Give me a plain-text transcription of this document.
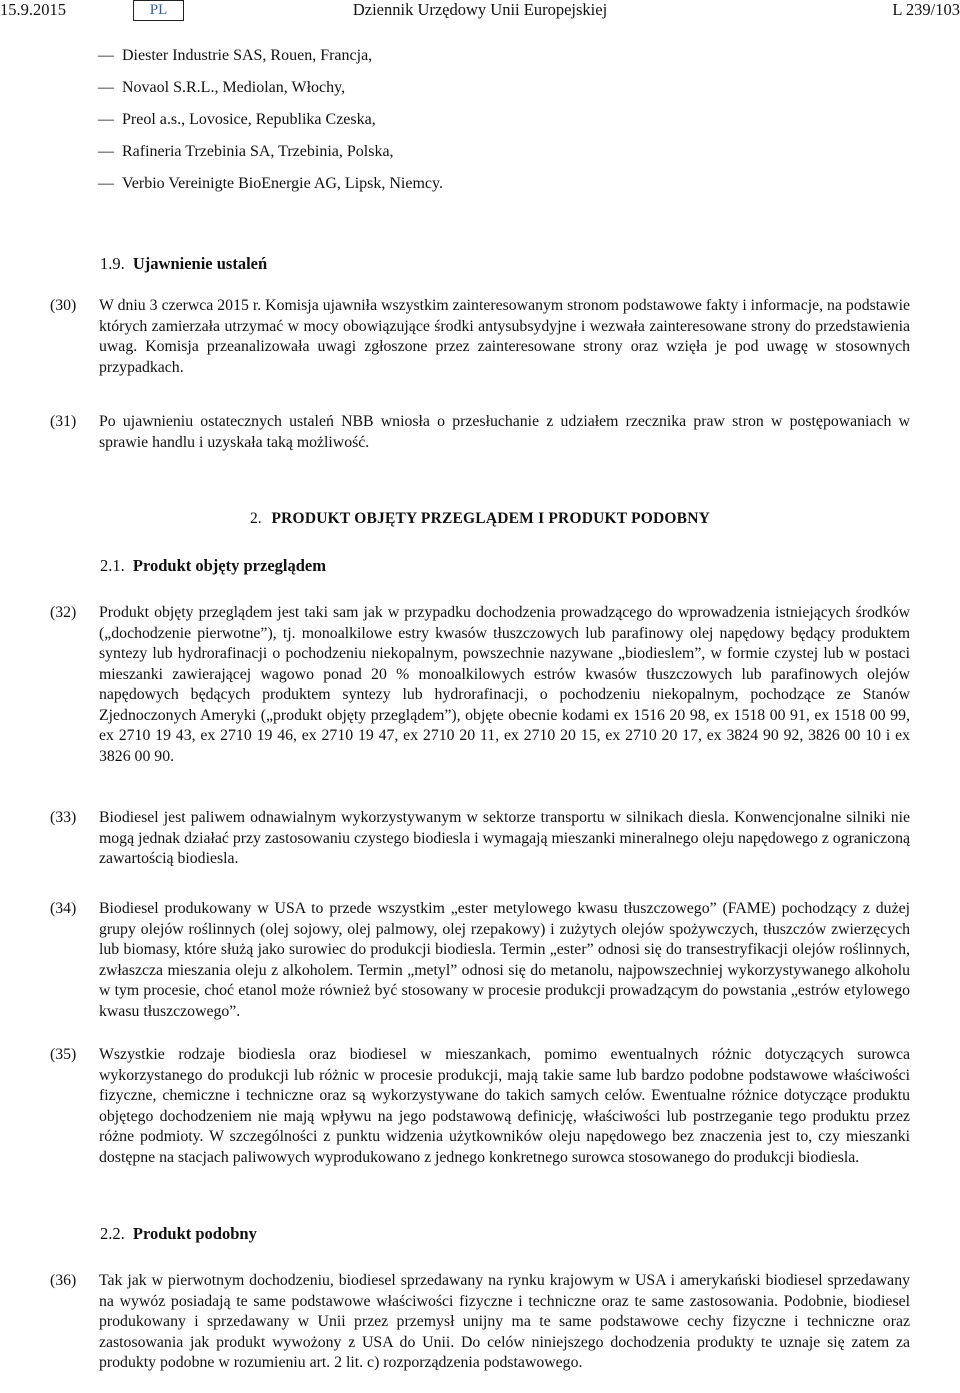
15.9.2015	PL	Dziennik Urzędowy Unii Europejskiej	L 239/103
— Diester Industrie SAS, Rouen, Francja,
— Novaol S.R.L., Mediolan, Włochy,
— Preol a.s., Lovosice, Republika Czeska,
— Rafineria Trzebinia SA, Trzebinia, Polska,
— Verbio Vereinigte BioEnergie AG, Lipsk, Niemcy.
1.9. Ujawnienie ustaleń
(30) W dniu 3 czerwca 2015 r. Komisja ujawniła wszystkim zainteresowanym stronom podstawowe fakty i informacje, na podstawie których zamierzała utrzymać w mocy obowiązujące środki antysubsydyjne i wezwała zainteresowane strony do przedstawienia uwag. Komisja przeanalizowała uwagi zgłoszone przez zainteresowane strony oraz wzięła je pod uwagę w stosownych przypadkach.
(31) Po ujawnieniu ostatecznych ustaleń NBB wniosła o przesłuchanie z udziałem rzecznika praw stron w postępowaniach w sprawie handlu i uzyskała taką możliwość.
2. PRODUKT OBJĘTY PRZEGLĄDEM I PRODUKT PODOBNY
2.1. Produkt objęty przeglądem
(32) Produkt objęty przeglądem jest taki sam jak w przypadku dochodzenia prowadzącego do wprowadzenia istniejących środków („dochodzenie pierwotne”), tj. monoalkilowe estry kwasów tłuszczowych lub parafinowy olej napędowy będący produktem syntezy lub hydrorafinacji o pochodzeniu niekopalnym, powszechnie nazywane „biodieslem”, w formie czystej lub w postaci mieszanki zawierającej wagowo ponad 20 % monoalkilowych estrów kwasów tłuszczowych lub parafinowych olejów napędowych będących produktem syntezy lub hydrorafinacji, o pochodzeniu niekopalnym, pochodzące ze Stanów Zjednoczonych Ameryki („produkt objęty przeglądem”), objęte obecnie kodami ex 1516 20 98, ex 1518 00 91, ex 1518 00 99, ex 2710 19 43, ex 2710 19 46, ex 2710 19 47, ex 2710 20 11, ex 2710 20 15, ex 2710 20 17, ex 3824 90 92, 3826 00 10 i ex 3826 00 90.
(33) Biodiesel jest paliwem odnawialnym wykorzystywanym w sektorze transportu w silnikach diesla. Konwencjonalne silniki nie mogą jednak działać przy zastosowaniu czystego biodiesla i wymagają mieszanki mineralnego oleju napędowego z ograniczoną zawartością biodiesla.
(34) Biodiesel produkowany w USA to przede wszystkim „ester metylowego kwasu tłuszczowego” (FAME) pochodzący z dużej grupy olejów roślinnych (olej sojowy, olej palmowy, olej rzepakowy) i zużytych olejów spożywczych, tłuszczów zwierzęcych lub biomasy, które służą jako surowiec do produkcji biodiesla. Termin „ester” odnosi się do transestryfikacji olejów roślinnych, zwłaszcza mieszania oleju z alkoholem. Termin „metyl” odnosi się do metanolu, najpowszechniej wykorzystywanego alkoholu w tym procesie, choć etanol może również być stosowany w procesie produkcji prowadzącym do powstania „estrów etylowego kwasu tłuszczowego”.
(35) Wszystkie rodzaje biodiesla oraz biodiesel w mieszankach, pomimo ewentualnych różnic dotyczących surowca wykorzystanego do produkcji lub różnic w procesie produkcji, mają takie same lub bardzo podobne podstawowe właściwości fizyczne, chemiczne i techniczne oraz są wykorzystywane do takich samych celów. Ewentualne różnice dotyczące produktu objętego dochodzeniem nie mają wpływu na jego podstawową definicję, właściwości lub postrzeganie tego produktu przez różne podmioty. W szczególności z punktu widzenia użytkowników oleju napędowego bez znaczenia jest to, czy mieszanki dostępne na stacjach paliwowych wyprodukowano z jednego konkretnego surowca stosowanego do produkcji biodiesla.
2.2. Produkt podobny
(36) Tak jak w pierwotnym dochodzeniu, biodiesel sprzedawany na rynku krajowym w USA i amerykański biodiesel sprzedawany na wywóz posiadają te same podstawowe właściwości fizyczne i techniczne oraz te same zastosowania. Podobnie, biodiesel produkowany i sprzedawany w Unii przez przemysł unijny ma te same podstawowe cechy fizyczne i techniczne oraz zastosowania jak produkt wywożony z USA do Unii. Do celów niniejszego dochodzenia produkty te uznaje się zatem za produkty podobne w rozumieniu art. 2 lit. c) rozporządzenia podstawowego.
